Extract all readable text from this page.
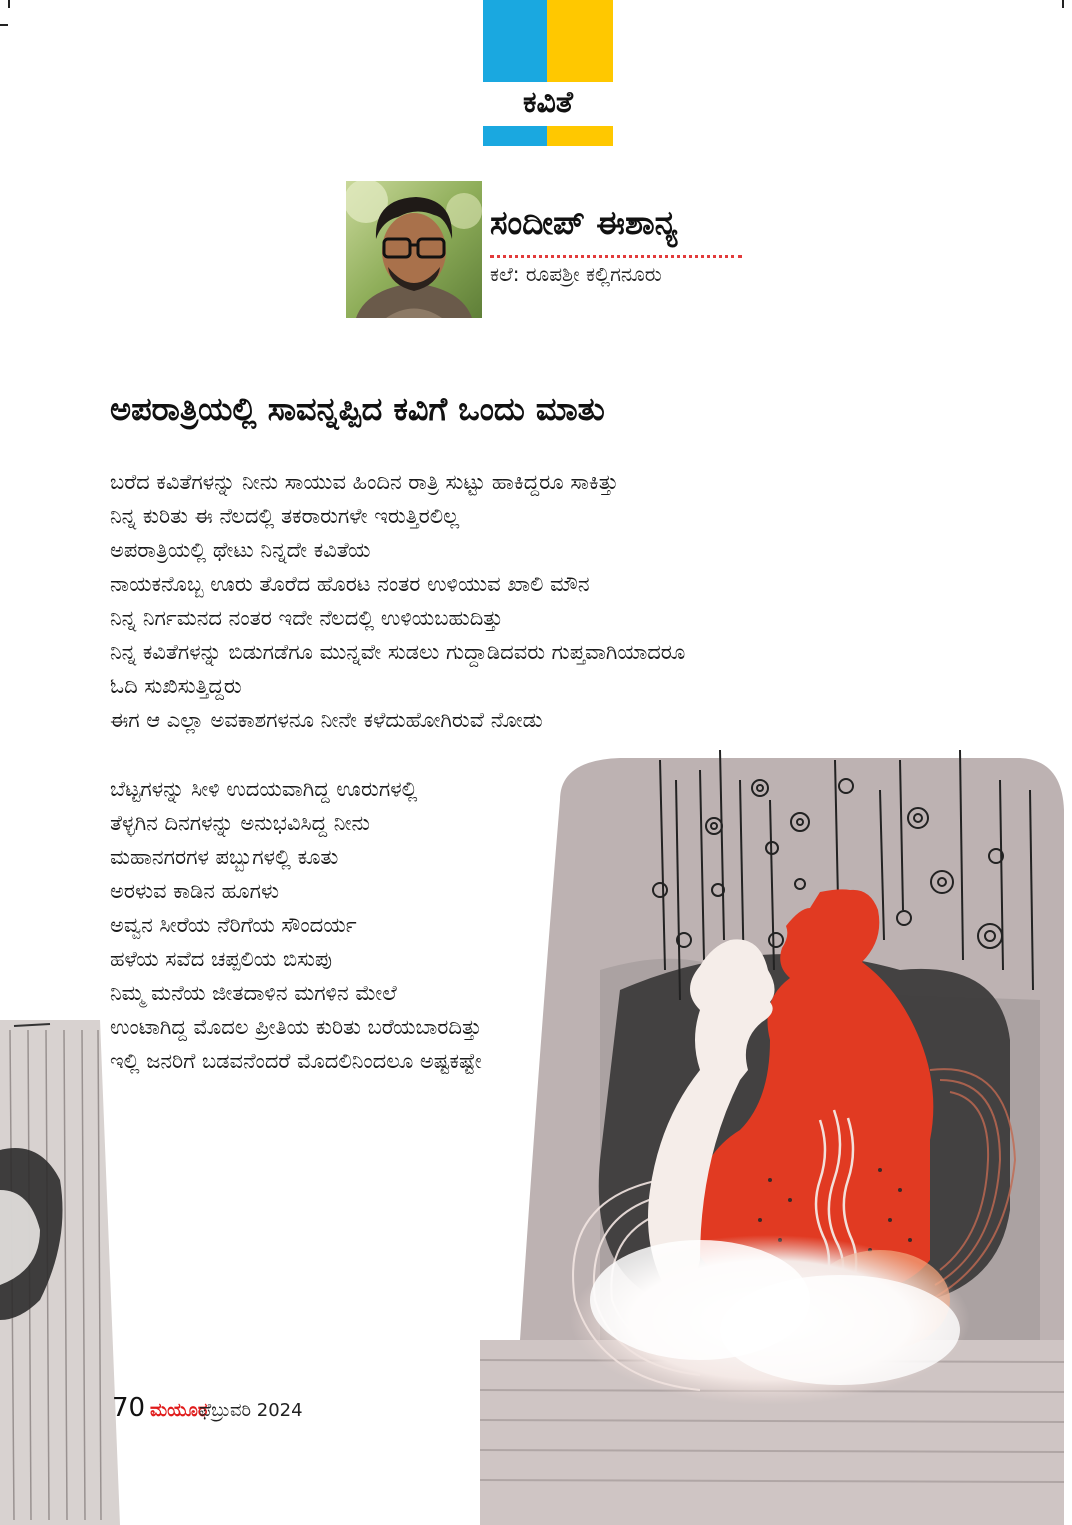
ಕವಿತೆ
ಸಂದೀಪ್ ಈಶಾನ್ಯ
ಕಲೆ: ರೂಪಶ್ರೀ ಕಲ್ಲಿಗನೂರು
ಅಪರಾತ್ರಿಯಲ್ಲಿ ಸಾವನ್ನಪ್ಪಿದ ಕವಿಗೆ ಒಂದು ಮಾತು
ಬರೆದ ಕವಿತೆಗಳನ್ನು ನೀನು ಸಾಯುವ ಹಿಂದಿನ ರಾತ್ರಿ ಸುಟ್ಟು ಹಾಕಿದ್ದರೂ ಸಾಕಿತ್ತು
ನಿನ್ನ ಕುರಿತು ಈ ನೆಲದಲ್ಲಿ ತಕರಾರುಗಳೇ ಇರುತ್ತಿರಲಿಲ್ಲ
ಅಪರಾತ್ರಿಯಲ್ಲಿ ಥೇಟು ನಿನ್ನದೇ ಕವಿತೆಯ
ನಾಯಕನೊಬ್ಬ ಊರು ತೊರೆದ ಹೊರಟ ನಂತರ ಉಳಿಯುವ ಖಾಲಿ ಮೌನ
ನಿನ್ನ ನಿರ್ಗಮನದ ನಂತರ ಇದೇ ನೆಲದಲ್ಲಿ ಉಳಿಯಬಹುದಿತ್ತು
ನಿನ್ನ ಕವಿತೆಗಳನ್ನು ಬಿಡುಗಡೆಗೂ ಮುನ್ನವೇ ಸುಡಲು ಗುದ್ದಾಡಿದವರು ಗುಪ್ತವಾಗಿಯಾದರೂ
ಓದಿ ಸುಖಿಸುತ್ತಿದ್ದರು
ಈಗ ಆ ಎಲ್ಲಾ ಅವಕಾಶಗಳನೂ ನೀನೇ ಕಳೆದುಹೋಗಿರುವೆ ನೋಡು
ಬೆಟ್ಟಗಳನ್ನು ಸೀಳಿ ಉದಯವಾಗಿದ್ದ ಊರುಗಳಲ್ಲಿ
ತೆಳ್ಳಗಿನ ದಿನಗಳನ್ನು ಅನುಭವಿಸಿದ್ದ ನೀನು
ಮಹಾನಗರಗಳ ಪಬ್ಬುಗಳಲ್ಲಿ ಕೂತು
ಅರಳುವ ಕಾಡಿನ ಹೂಗಳು
ಅವ್ವನ ಸೀರೆಯ ನೆರಿಗೆಯ ಸೌಂದರ್ಯ
ಹಳೆಯ ಸವೆದ ಚಪ್ಪಲಿಯ ಬಿಸುಪು
ನಿಮ್ಮ ಮನೆಯ ಜೀತದಾಳಿನ ಮಗಳಿನ ಮೇಲೆ
ಉಂಟಾಗಿದ್ದ ಮೊದಲ ಪ್ರೀತಿಯ ಕುರಿತು ಬರೆಯಬಾರದಿತ್ತು
ಇಲ್ಲಿ ಜನರಿಗೆ ಬಡವನೆಂದರೆ ಮೊದಲಿನಿಂದಲೂ ಅಷ್ಟಕಷ್ಟೇ
70 ಮಯೂರ
ಫೆಬ್ರುವರಿ 2024
